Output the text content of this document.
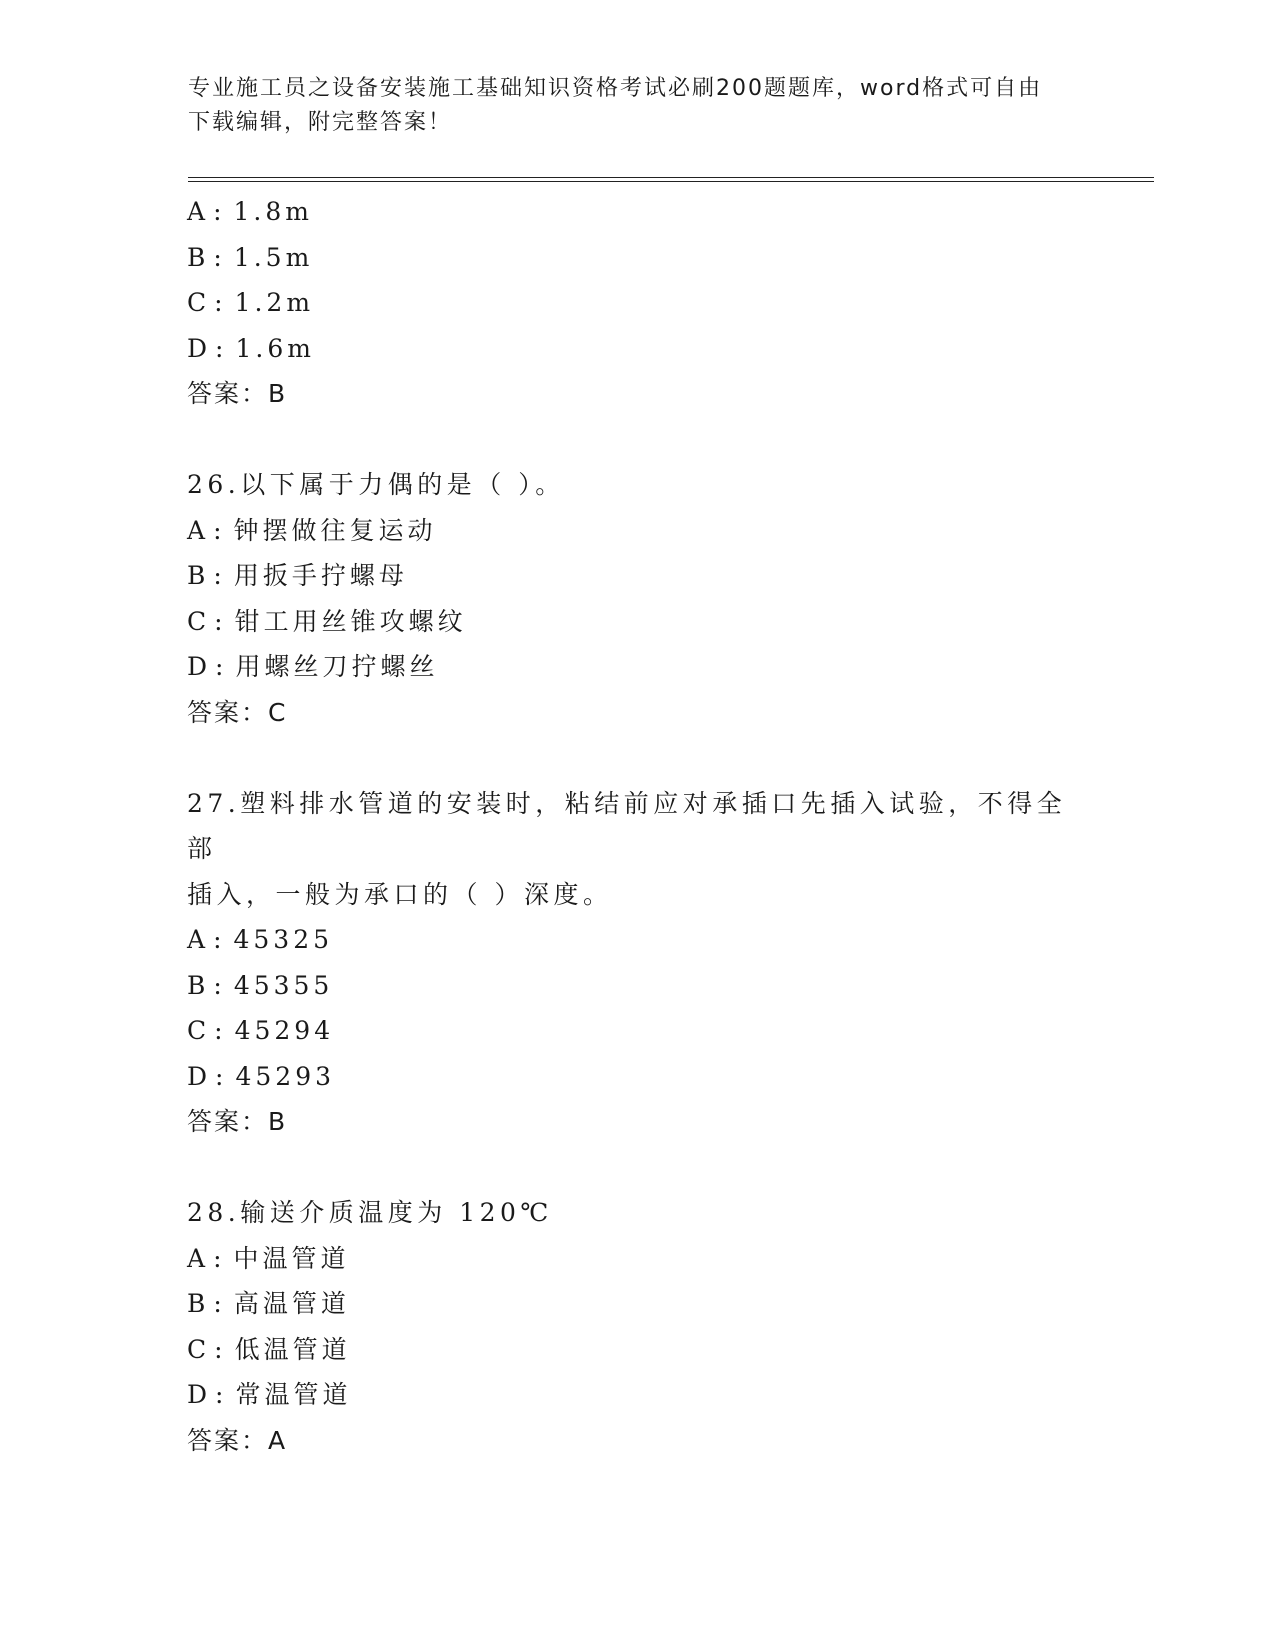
专业施工员之设备安装施工基础知识资格考试必刷200题题库，word格式可自由
下载编辑，附完整答案！
A : 1.8m
B : 1.5m
C : 1.2m
D : 1.6m
答案：B
26.以下属于力偶的是（ ）。
A : 钟摆做往复运动
B : 用扳手拧螺母
C : 钳工用丝锥攻螺纹
D : 用螺丝刀拧螺丝
答案：C
27.塑料排水管道的安装时，粘结前应对承插口先插入试验，不得全部
插入，一般为承口的（ ）深度。
A : 45325
B : 45355
C : 45294
D : 45293
答案：B
28.输送介质温度为 120℃
A : 中温管道
B : 高温管道
C : 低温管道
D : 常温管道
答案：A
